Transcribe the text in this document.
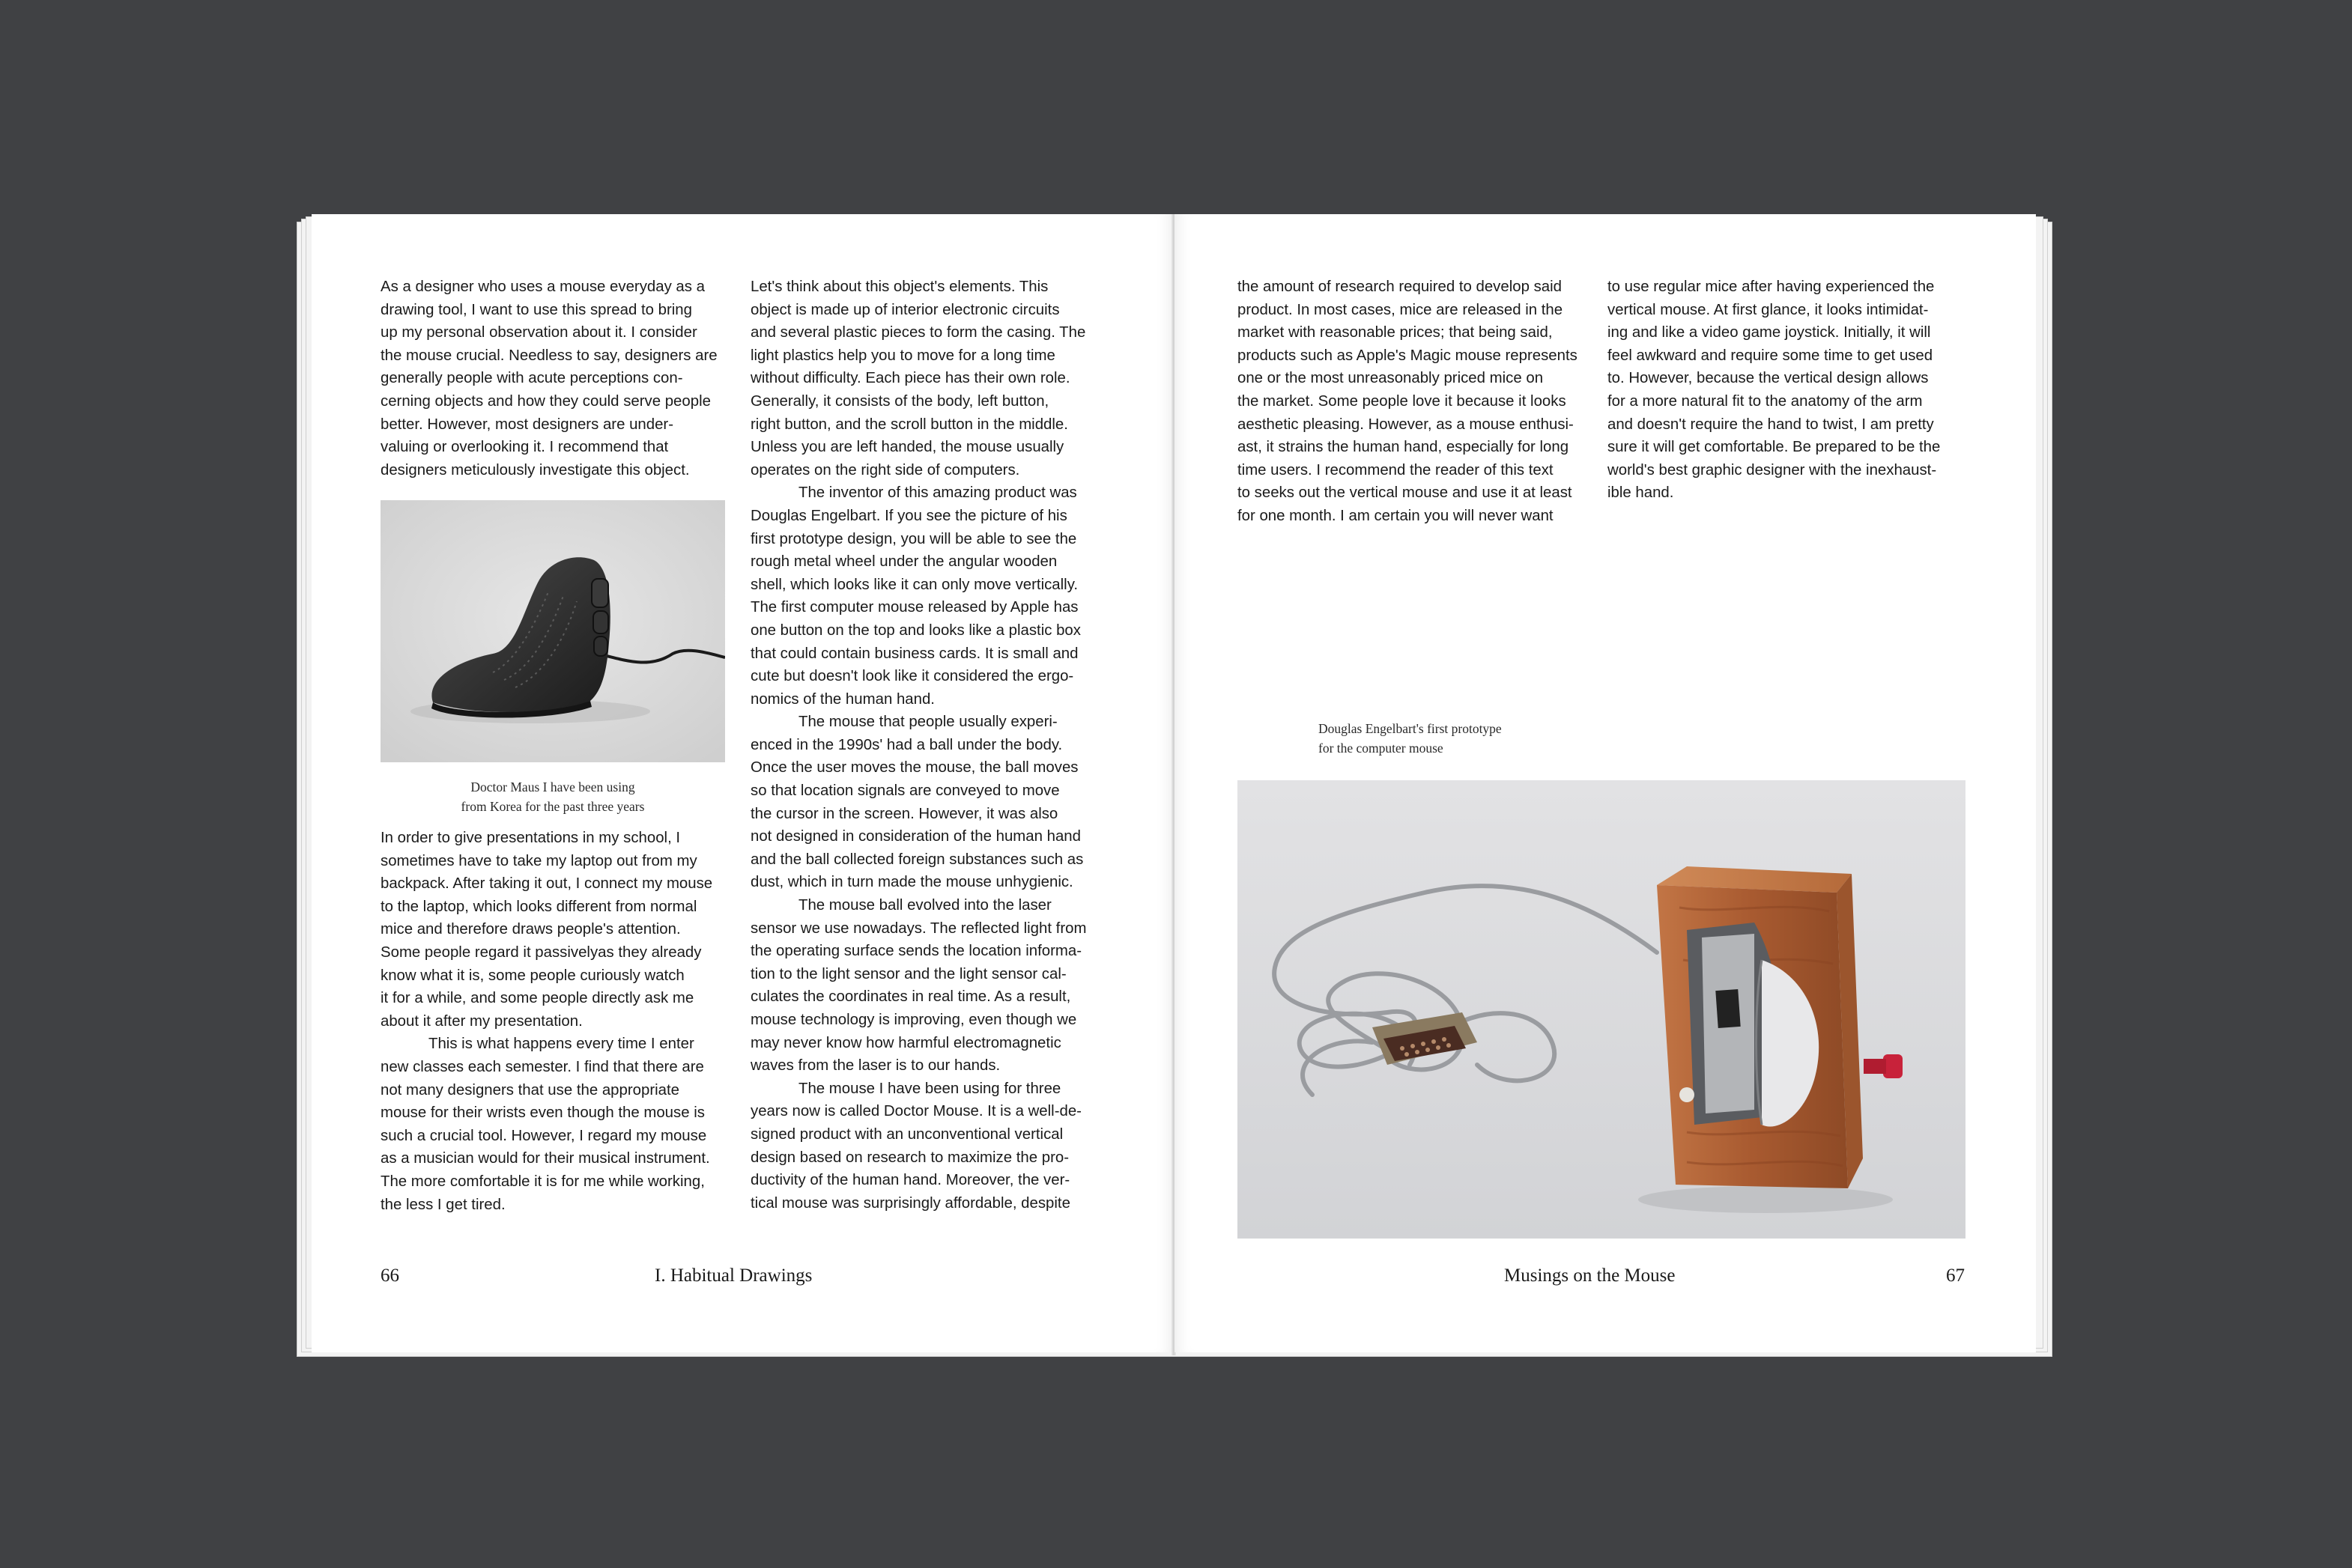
As a designer who uses a mouse everyday as a
drawing tool, I want to use this spread to bring
up my personal observation about it. I consider
the mouse crucial. Needless to say, designers are
generally people with acute perceptions con-
cerning objects and how they could serve people
better. However, most designers are under-
valuing or overlooking it. I recommend that
designers meticulously investigate this object.

Doctor Maus I have been using
from Korea for the past three years

In order to give presentations in my school, I
sometimes have to take my laptop out from my
backpack. After taking it out, I connect my mouse
to the laptop, which looks different from normal
mice and therefore draws people's attention.
Some people regard it passivelyas they already
know what it is, some people curiously watch
it for a while, and some people directly ask me
about it after my presentation.

This is what happens every time I enter
new classes each semester. I find that there are
not many designers that use the appropriate
mouse for their wrists even though the mouse is
such a crucial tool. However, I regard my mouse
as a musician would for their musical instrument.
The more comfortable it is for me while working,
the less I get tired.

Let's think about this object's elements. This
object is made up of interior electronic circuits
and several plastic pieces to form the casing. The
light plastics help you to move for a long time
without difficulty. Each piece has their own role.
Generally, it consists of the body, left button,
right button, and the scroll button in the middle.
Unless you are left handed, the mouse usually
operates on the right side of computers.

The inventor of this amazing product was
Douglas Engelbart. If you see the picture of his
first prototype design, you will be able to see the
rough metal wheel under the angular wooden
shell, which looks like it can only move vertically.
The first computer mouse released by Apple has
one button on the top and looks like a plastic box
that could contain business cards. It is small and
cute but doesn't look like it considered the ergo-
nomics of the human hand.

The mouse that people usually experi-
enced in the 1990s' had a ball under the body.
Once the user moves the mouse, the ball moves
so that location signals are conveyed to move
the cursor in the screen. However, it was also
not designed in consideration of the human hand
and the ball collected foreign substances such as
dust, which in turn made the mouse unhygienic.

The mouse ball evolved into the laser
sensor we use nowadays. The reflected light from
the operating surface sends the location informa-
tion to the light sensor and the light sensor cal-
culates the coordinates in real time. As a result,
mouse technology is improving, even though we
may never know how harmful electromagnetic
waves from the laser is to our hands.

The mouse I have been using for three
years now is called Doctor Mouse. It is a well-de-
signed product with an unconventional vertical
design based on research to maximize the pro-
ductivity of the human hand. Moreover, the ver-
tical mouse was surprisingly affordable, despite

66	I. Habitual Drawings

the amount of research required to develop said
product. In most cases, mice are released in the
market with reasonable prices; that being said,
products such as Apple's Magic mouse represents
one or the most unreasonably priced mice on
the market. Some people love it because it looks
aesthetic pleasing. However, as a mouse enthusi-
ast, it strains the human hand, especially for long
time users. I recommend the reader of this text
to seeks out the vertical mouse and use it at least
for one month. I am certain you will never want

to use regular mice after having experienced the
vertical mouse. At first glance, it looks intimidat-
ing and like a video game joystick. Initially, it will
feel awkward and require some time to get used
to. However, because the vertical design allows
for a more natural fit to the anatomy of the arm
and doesn't require the hand to twist, I am pretty
sure it will get comfortable. Be prepared to be the
world's best graphic designer with the inexhaust-
ible hand.

Douglas Engelbart's first prototype
for the computer mouse
Musings on the Mouse	67
